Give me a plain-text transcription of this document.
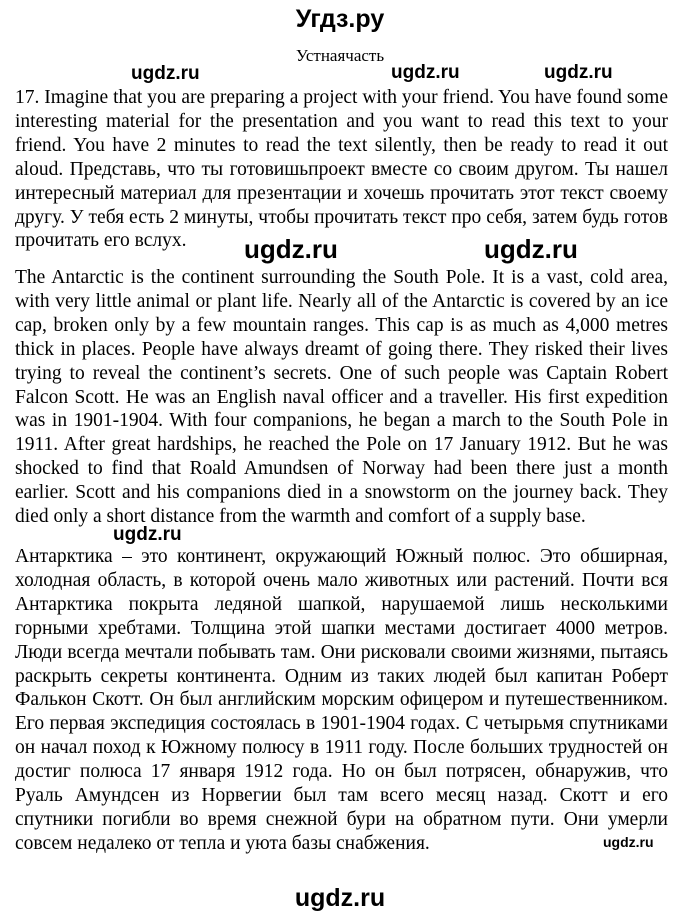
Угдз.ру
Устнаячасть

17. Imagine that you are preparing a project with your friend. You have found some interesting material for the presentation and you want to read this text to your friend. You have 2 minutes to read the text silently, then be ready to read it out aloud. Представь, что ты готовишьпроект вместе со своим другом. Ты нашел интересный материал для презентации и хочешь прочитать этот текст своему другу. У тебя есть 2 минуты, чтобы прочитать текст про себя, затем будь готов прочитать его вслух.

The Antarctic is the continent surrounding the South Pole. It is a vast, cold area, with very little animal or plant life. Nearly all of the Antarctic is covered by an ice cap, broken only by a few mountain ranges. This cap is as much as 4,000 metres thick in places. People have always dreamt of going there. They risked their lives trying to reveal the continent’s secrets. One of such people was Captain Robert Falcon Scott. He was an English naval officer and a traveller. His first expedition was in 1901-1904. With four companions, he began a march to the South Pole in 1911. After great hardships, he reached the Pole on 17 January 1912. But he was shocked to find that Roald Amundsen of Norway had been there just a month earlier. Scott and his companions died in a snowstorm on the journey back. They died only a short distance from the warmth and comfort of a supply base.

Антарктика – это континент, окружающий Южный полюс. Это обширная, холодная область, в которой очень мало животных или растений. Почти вся Антарктика покрыта ледяной шапкой, нарушаемой лишь несколькими горными хребтами. Толщина этой шапки местами достигает 4000 метров. Люди всегда мечтали побывать там. Они рисковали своими жизнями, пытаясь раскрыть секреты континента. Одним из таких людей был капитан Роберт Фалькон Скотт. Он был английским морским офицером и путешественником. Его первая экспедиция состоялась в 1901-1904 годах. С четырьмя спутниками он начал поход к Южному полюсу в 1911 году. После больших трудностей он достиг полюса 17 января 1912 года. Но он был потрясен, обнаружив, что Руаль Амундсен из Норвегии был там всего месяц назад. Скотт и его спутники погибли во время снежной бури на обратном пути. Они умерли совсем недалеко от тепла и уюта базы снабжения.

ugdz.ru	ugdz.ru	ugdz.ru
ugdz.ru	ugdz.ru
ugdz.ru
ugdz.ru
ugdz.ru
